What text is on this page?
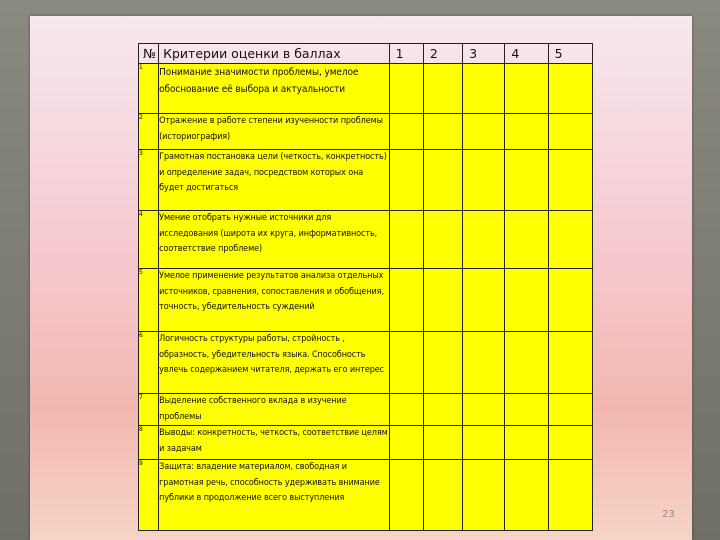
№	Критерии оценки в баллах	1	2	3	4	5
1	Понимание значимости проблемы, умелое обоснование её выбора и актуальности					
2	Отражение в работе степени изученности проблемы (историография)					
3	Грамотная постановка цели (четкость, конкретность) и определение задач, посредством которых она будет достигаться					
4	Умение отобрать нужные источники для исследования (широта их круга, информативность, соответствие проблеме)					
5	Умелое применение результатов анализа отдельных источников, сравнения, сопоставления и обобщения, точность, убедительность суждений					
6	Логичность структуры работы, стройность , образность, убедительность языка. Способность увлечь содержанием читателя, держать его интерес					
7	Выделение собственного вклада в изучение проблемы					
8	Выводы: конкретность, четкость, соответствие целям и задачам					
9	Защита: владение материалом, свободная и грамотная речь, способность удерживать внимание публики в продолжение всего выступления					
23
